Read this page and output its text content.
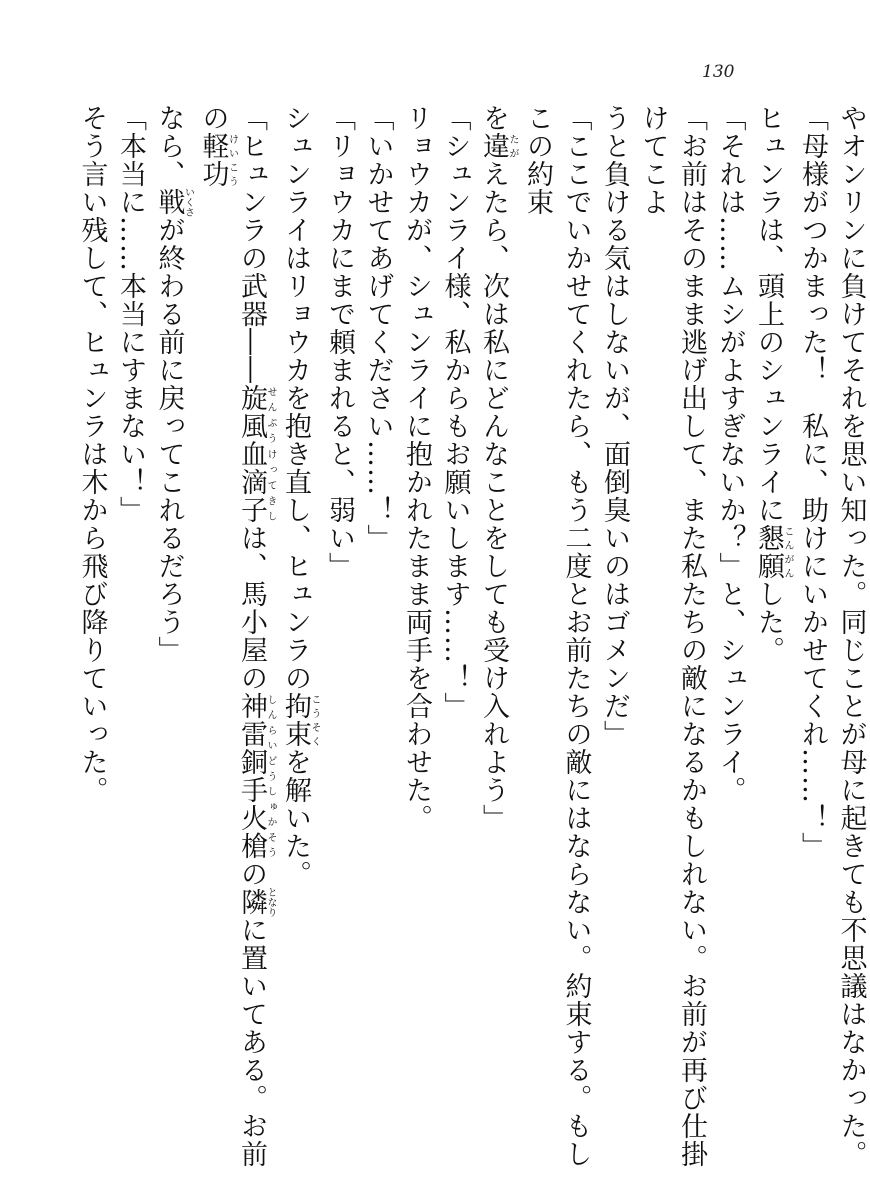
130

やオンリンに負けてそれを思い知った。同じことが母に起きても不思議はなかった。

「母様がつかまった！　私に、助けにいかせてくれ……！」

ヒュンラは、頭上のシュンライに懇願こんがんした。

「それは……ムシがよすぎないか？」と、シュンライ。

「お前はそのまま逃げ出して、また私たちの敵になるかもしれない。お前が再び仕掛けてこよ

うと負ける気はしないが、面倒臭いのはゴメンだ」

「ここでいかせてくれたら、もう二度とお前たちの敵にはならない。約束する。もしこの約束

を違たがえたら、次は私にどんなことをしても受け入れよう」

「シュンライ様、私からもお願いします……！」

リョウカが、シュンライに抱かれたまま両手を合わせた。

「いかせてあげてください……！」

「リョウカにまで頼まれると、弱い」

シュンライはリョウカを抱き直し、ヒュンラの拘束こうそくを解いた。

「ヒュンラの武器――旋風血滴子せんぷうけってきしは、馬小屋の神雷銅手火槍しんらいどうしゅかそうの隣となりに置いてある。お前の軽功けいこう

なら、戦いくさが終わる前に戻ってこれるだろう」

「本当に……本当にすまない！」

そう言い残して、ヒュンラは木から飛び降りていった。
